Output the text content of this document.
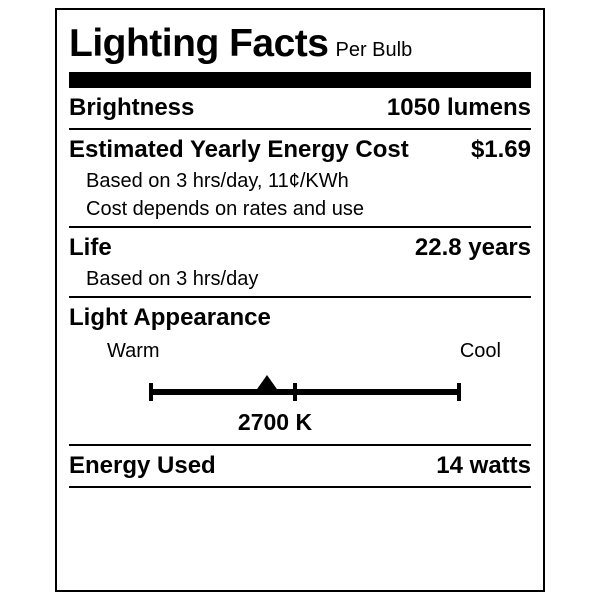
Lighting Facts Per Bulb
Brightness	1050 lumens
Estimated Yearly Energy Cost	$1.69
Based on 3 hrs/day, 11¢/KWh
Cost depends on rates and use
Life	22.8 years
Based on 3 hrs/day
Light Appearance
Warm	Cool
2700 K
Energy Used	14 watts
